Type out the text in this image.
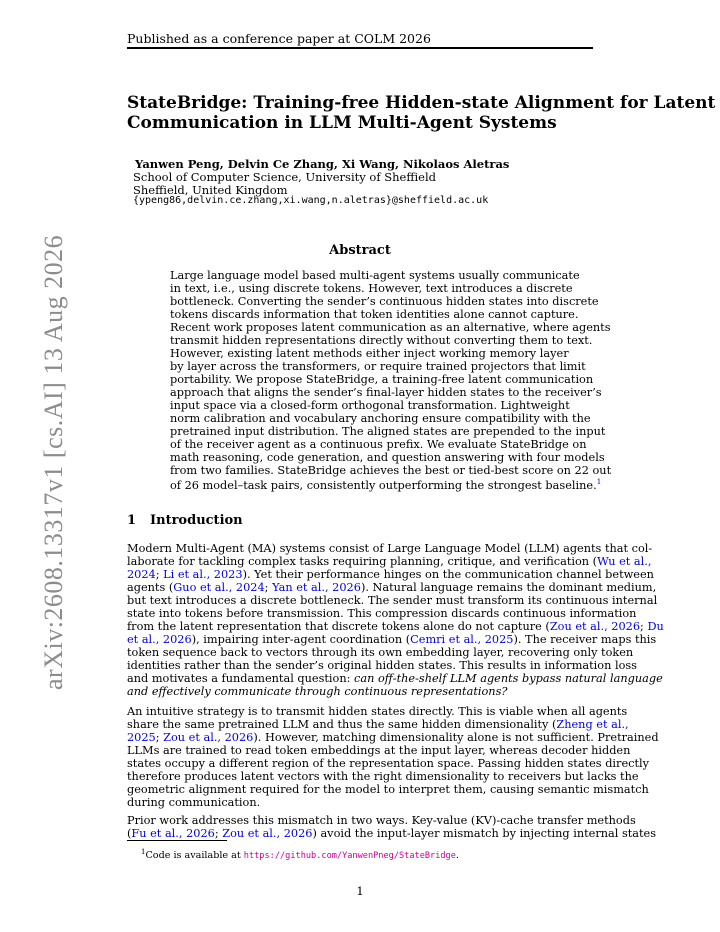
Published as a conference paper at COLM 2026
StateBridge: Training-free Hidden-state Alignment for Latent
Communication in LLM Multi-Agent Systems
Yanwen Peng, Delvin Ce Zhang, Xi Wang, Nikolaos Aletras
School of Computer Science, University of Sheffield
Sheffield, United Kingdom
{ypeng86,delvin.ce.zhang,xi.wang,n.aletras}@sheffield.ac.uk
Abstract
Large language model based multi-agent systems usually communicate
in text, i.e., using discrete tokens. However, text introduces a discrete
bottleneck. Converting the sender’s continuous hidden states into discrete
tokens discards information that token identities alone cannot capture.
Recent work proposes latent communication as an alternative, where agents
transmit hidden representations directly without converting them to text.
However, existing latent methods either inject working memory layer
by layer across the transformers, or require trained projectors that limit
portability. We propose StateBridge, a training-free latent communication
approach that aligns the sender’s final-layer hidden states to the receiver’s
input space via a closed-form orthogonal transformation. Lightweight
norm calibration and vocabulary anchoring ensure compatibility with the
pretrained input distribution. The aligned states are prepended to the input
of the receiver agent as a continuous prefix. We evaluate StateBridge on
math reasoning, code generation, and question answering with four models
from two families. StateBridge achieves the best or tied-best score on 22 out
of 26 model–task pairs, consistently outperforming the strongest baseline.$^1$
1 Introduction
Modern Multi-Agent (MA) systems consist of Large Language Model (LLM) agents that col-
laborate for tackling complex tasks requiring planning, critique, and verification (Wu et al.,
2024; Li et al., 2023). Yet their performance hinges on the communication channel between
agents (Guo et al., 2024; Yan et al., 2026). Natural language remains the dominant medium,
but text introduces a discrete bottleneck. The sender must transform its continuous internal
state into tokens before transmission. This compression discards continuous information
from the latent representation that discrete tokens alone do not capture (Zou et al., 2026; Du
et al., 2026), impairing inter-agent coordination (Cemri et al., 2025). The receiver maps this
token sequence back to vectors through its own embedding layer, recovering only token
identities rather than the sender’s original hidden states. This results in information loss
and motivates a fundamental question: can off-the-shelf LLM agents bypass natural language
and effectively communicate through continuous representations?
An intuitive strategy is to transmit hidden states directly. This is viable when all agents
share the same pretrained LLM and thus the same hidden dimensionality (Zheng et al.,
2025; Zou et al., 2026). However, matching dimensionality alone is not sufficient. Pretrained
LLMs are trained to read token embeddings at the input layer, whereas decoder hidden
states occupy a different region of the representation space. Passing hidden states directly
therefore produces latent vectors with the right dimensionality to receivers but lacks the
geometric alignment required for the model to interpret them, causing semantic mismatch
during communication.
Prior work addresses this mismatch in two ways. Key-value (KV)-cache transfer methods
(Fu et al., 2026; Zou et al., 2026) avoid the input-layer mismatch by injecting internal states
$^1$Code is available at https://github.com/YanwenPneg/StateBridge.
1
arXiv:2608.13317v1 [cs.AI] 13 Aug 2026
